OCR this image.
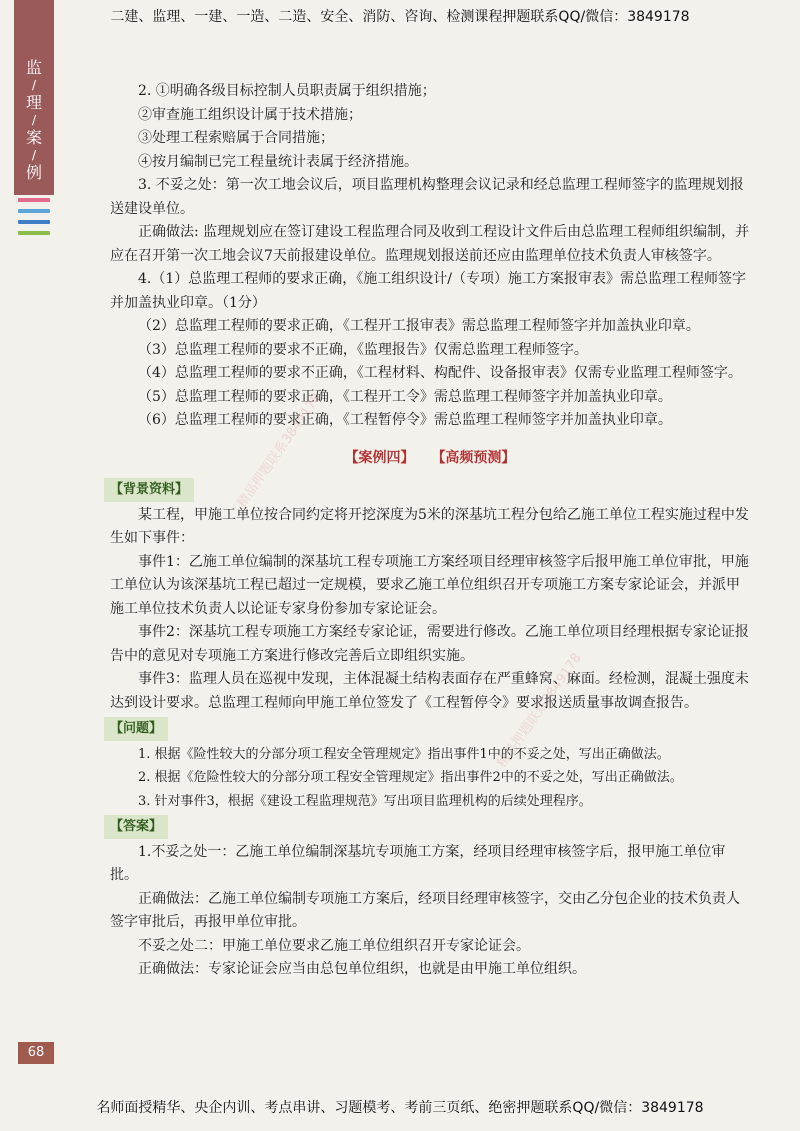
二建、监理、一建、一造、二造、安全、消防、咨询、检测课程押题联系QQ/微信：3849178
监
/
理
/
案
/
例
精品押题联系3849178
精品押题联系3849178

2. ①明确各级目标控制人员职责属于组织措施；

②审查施工组织设计属于技术措施；

③处理工程索赔属于合同措施；

④按月编制已完工程量统计表属于经济措施。

3. 不妥之处：第一次工地会议后，项目监理机构整理会议记录和经总监理工程师签字的监理规划报送建设单位。

正确做法: 监理规划应在签订建设工程监理合同及收到工程设计文件后由总监理工程师组织编制，并应在召开第一次工地会议7天前报建设单位。监理规划报送前还应由监理单位技术负责人审核签字。

4.（1）总监理工程师的要求正确，《施工组织设计/（专项）施工方案报审表》需总监理工程师签字并加盖执业印章。（1分）

（2）总监理工程师的要求正确，《工程开工报审表》需总监理工程师签字并加盖执业印章。

（3）总监理工程师的要求不正确，《监理报告》仅需总监理工程师签字。

（4）总监理工程师的要求不正确，《工程材料、构配件、设备报审表》仅需专业监理工程师签字。

（5）总监理工程师的要求正确，《工程开工令》需总监理工程师签字并加盖执业印章。

（6）总监理工程师的要求正确，《工程暂停令》需总监理工程师签字并加盖执业印章。

【案例四】 【高频预测】
【背景资料】

某工程，甲施工单位按合同约定将开挖深度为5米的深基坑工程分包给乙施工单位工程实施过程中发生如下事件：

事件1：乙施工单位编制的深基坑工程专项施工方案经项目经理审核签字后报甲施工单位审批，甲施工单位认为该深基坑工程已超过一定规模，要求乙施工单位组织召开专项施工方案专家论证会，并派甲施工单位技术负责人以论证专家身份参加专家论证会。

事件2：深基坑工程专项施工方案经专家论证，需要进行修改。乙施工单位项目经理根据专家论证报告中的意见对专项施工方案进行修改完善后立即组织实施。

事件3：监理人员在巡视中发现，主体混凝土结构表面存在严重蜂窝、麻面。经检测，混凝土强度未达到设计要求。总监理工程师向甲施工单位签发了《工程暂停令》要求报送质量事故调查报告。

【问题】

1. 根据《险性较大的分部分项工程安全管理规定》指出事件1中的不妥之处，写出正确做法。

2. 根据《危险性较大的分部分项工程安全管理规定》指出事件2中的不妥之处，写出正确做法。

3. 针对事件3，根据《建设工程监理规范》写出项目监理机构的后续处理程序。

【答案】

1.不妥之处一：乙施工单位编制深基坑专项施工方案，经项目经理审核签字后，报甲施工单位审批。

正确做法：乙施工单位编制专项施工方案后，经项目经理审核签字，交由乙分包企业的技术负责人签字审批后，再报甲单位审批。

不妥之处二：甲施工单位要求乙施工单位组织召开专家论证会。

正确做法：专家论证会应当由总包单位组织，也就是由甲施工单位组织。

68
名师面授精华、央企内训、考点串讲、习题模考、考前三页纸、绝密押题联系QQ/微信：3849178
